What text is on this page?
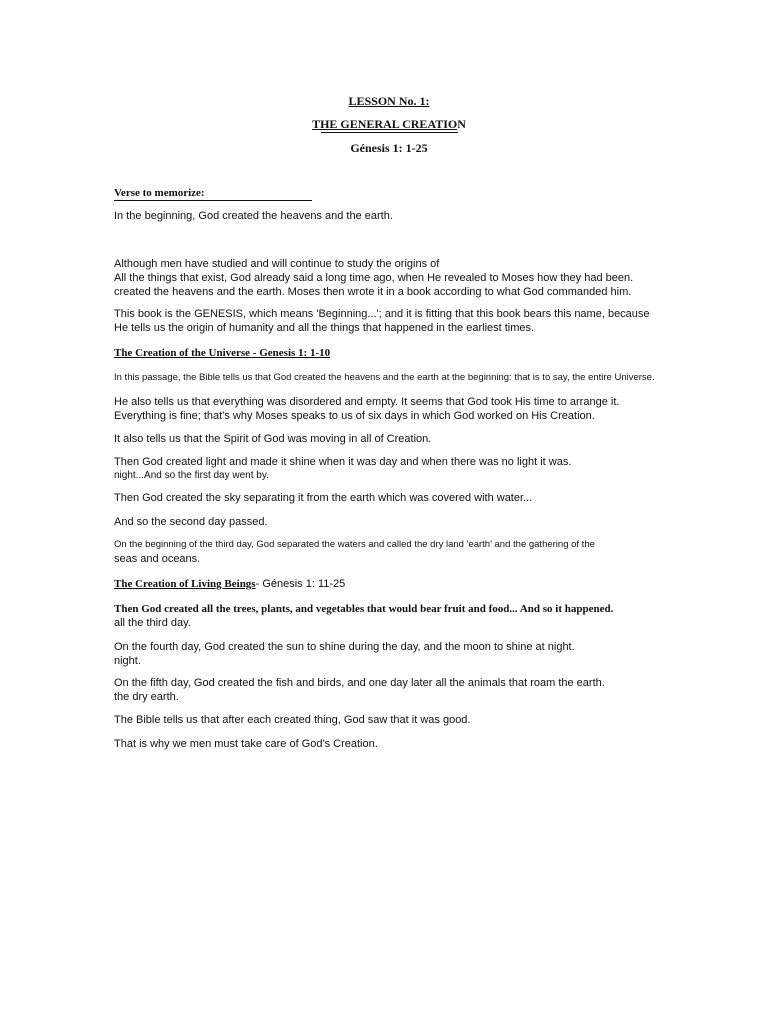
LESSON No. 1:
THE GENERAL CREATION
Génesis 1: 1-25
Verse to memorize:
In the beginning, God created the heavens and the earth.
Although men have studied and will continue to study the origins of
All the things that exist, God already said a long time ago, when He revealed to Moses how they had been.
created the heavens and the earth. Moses then wrote it in a book according to what God commanded him.
This book is the GENESIS, which means 'Beginning...'; and it is fitting that this book bears this name, because
He tells us the origin of humanity and all the things that happened in the earliest times.
The Creation of the Universe - Genesis 1: 1-10
In this passage, the Bible tells us that God created the heavens and the earth at the beginning: that is to say, the entire Universe.
He also tells us that everything was disordered and empty. It seems that God took His time to arrange it.
Everything is fine; that's why Moses speaks to us of six days in which God worked on His Creation.
It also tells us that the Spirit of God was moving in all of Creation.
Then God created light and made it shine when it was day and when there was no light it was.
night...And so the first day went by.
Then God created the sky separating it from the earth which was covered with water...
And so the second day passed.
On the beginning of the third day, God separated the waters and called the dry land 'earth' and the gathering of the
seas and oceans.
The Creation of Living Beings- Génesis 1: 11-25
Then God created all the trees, plants, and vegetables that would bear fruit and food... And so it happened.
all the third day.
On the fourth day, God created the sun to shine during the day, and the moon to shine at night.
night.
On the fifth day, God created the fish and birds, and one day later all the animals that roam the earth.
the dry earth.
The Bible tells us that after each created thing, God saw that it was good.
That is why we men must take care of God's Creation.
